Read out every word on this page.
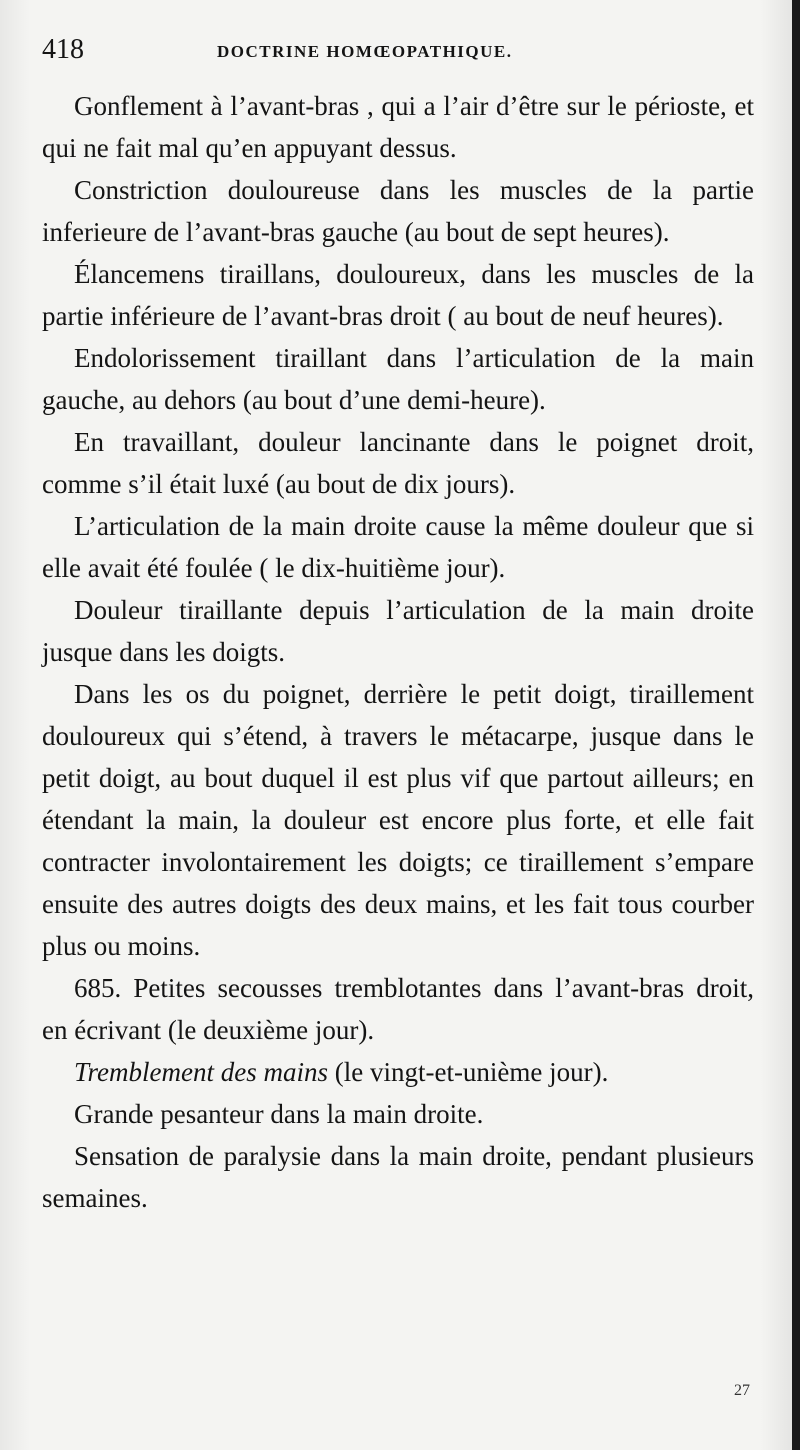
418	DOCTRINE HOMŒOPATHIQUE.

Gonflement à l’avant-bras , qui a l’air d’être sur le périoste, et qui ne fait mal qu’en appuyant dessus.

Constriction douloureuse dans les muscles de la partie inferieure de l’avant-bras gauche (au bout de sept heures).

Élancemens tiraillans, douloureux, dans les muscles de la partie inférieure de l’avant-bras droit ( au bout de neuf heures).

Endolorissement tiraillant dans l’articulation de la main gauche, au dehors (au bout d’une demi-heure).

En travaillant, douleur lancinante dans le poignet droit, comme s’il était luxé (au bout de dix jours).

L’articulation de la main droite cause la même douleur que si elle avait été foulée ( le dix-huitième jour).

Douleur tiraillante depuis l’articulation de la main droite jusque dans les doigts.

Dans les os du poignet, derrière le petit doigt, tiraillement douloureux qui s’étend, à travers le métacarpe, jusque dans le petit doigt, au bout duquel il est plus vif que partout ailleurs; en étendant la main, la douleur est encore plus forte, et elle fait contracter involontairement les doigts; ce tiraillement s’empare ensuite des autres doigts des deux mains, et les fait tous courber plus ou moins.

685. Petites secousses tremblotantes dans l’avant-bras droit, en écrivant (le deuxième jour).

Tremblement des mains (le vingt-et-unième jour).

Grande pesanteur dans la main droite.

Sensation de paralysie dans la main droite, pendant plusieurs semaines.

27
